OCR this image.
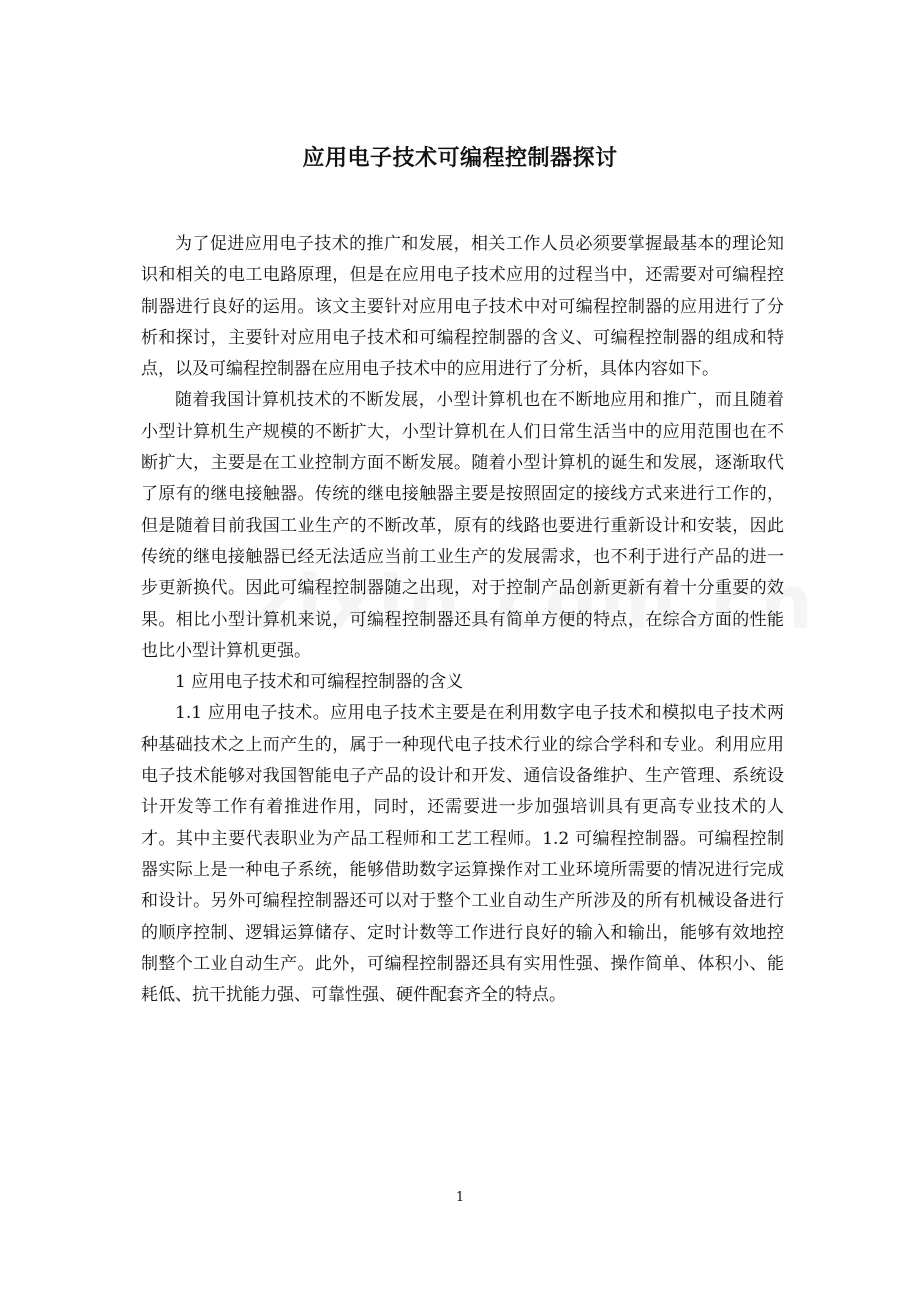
应用电子技术可编程控制器探讨

为了促进应用电子技术的推广和发展，相关工作人员必须要掌握最基本的理论知识和相关的电工电路原理，但是在应用电子技术应用的过程当中，还需要对可编程控制器进行良好的运用。该文主要针对应用电子技术中对可编程控制器的应用进行了分析和探讨，主要针对应用电子技术和可编程控制器的含义、可编程控制器的组成和特点，以及可编程控制器在应用电子技术中的应用进行了分析，具体内容如下。

随着我国计算机技术的不断发展，小型计算机也在不断地应用和推广，而且随着小型计算机生产规模的不断扩大，小型计算机在人们日常生活当中的应用范围也在不断扩大，主要是在工业控制方面不断发展。随着小型计算机的诞生和发展，逐渐取代了原有的继电接触器。传统的继电接触器主要是按照固定的接线方式来进行工作的，但是随着目前我国工业生产的不断改革，原有的线路也要进行重新设计和安装，因此传统的继电接触器已经无法适应当前工业生产的发展需求，也不利于进行产品的进一步更新换代。因此可编程控制器随之出现，对于控制产品创新更新有着十分重要的效果。相比小型计算机来说，可编程控制器还具有简单方便的特点，在综合方面的性能也比小型计算机更强。

1 应用电子技术和可编程控制器的含义

1.1 应用电子技术。应用电子技术主要是在利用数字电子技术和模拟电子技术两种基础技术之上而产生的，属于一种现代电子技术行业的综合学科和专业。利用应用电子技术能够对我国智能电子产品的设计和开发、通信设备维护、生产管理、系统设计开发等工作有着推进作用，同时，还需要进一步加强培训具有更高专业技术的人才。其中主要代表职业为产品工程师和工艺工程师。1.2 可编程控制器。可编程控制器实际上是一种电子系统，能够借助数字运算操作对工业环境所需要的情况进行完成和设计。另外可编程控制器还可以对于整个工业自动生产所涉及的所有机械设备进行的顺序控制、逻辑运算储存、定时计数等工作进行良好的输入和输出，能够有效地控制整个工业自动生产。此外，可编程控制器还具有实用性强、操作简单、体积小、能耗低、抗干扰能力强、可靠性强、硬件配套齐全的特点。

1
